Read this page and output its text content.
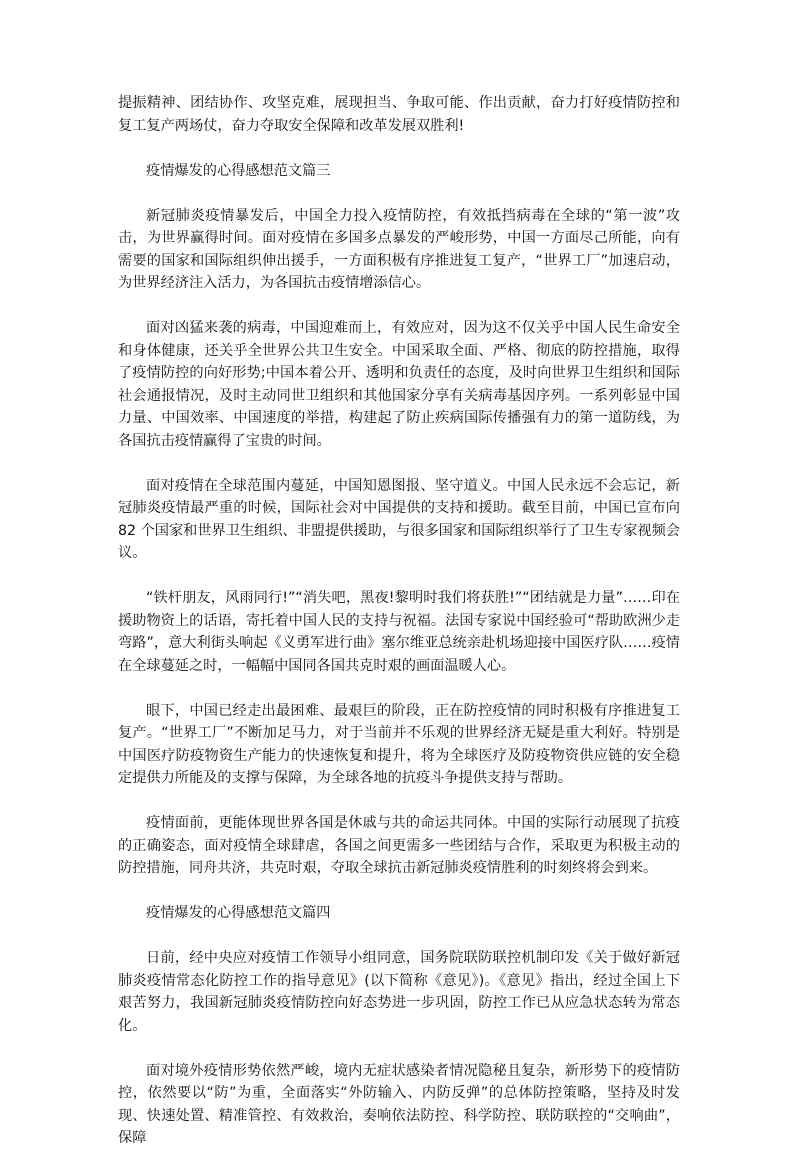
提振精神、团结协作、攻坚克难，展现担当、争取可能、作出贡献，奋力打好疫情防控和复工复产两场仗，奋力夺取安全保障和改革发展双胜利!

疫情爆发的心得感想范文篇三

新冠肺炎疫情暴发后，中国全力投入疫情防控，有效抵挡病毒在全球的“第一波”攻击，为世界赢得时间。面对疫情在多国多点暴发的严峻形势，中国一方面尽己所能，向有需要的国家和国际组织伸出援手，一方面积极有序推进复工复产，“世界工厂”加速启动，为世界经济注入活力，为各国抗击疫情增添信心。

面对凶猛来袭的病毒，中国迎难而上，有效应对，因为这不仅关乎中国人民生命安全和身体健康，还关乎全世界公共卫生安全。中国采取全面、严格、彻底的防控措施，取得了疫情防控的向好形势;中国本着公开、透明和负责任的态度，及时向世界卫生组织和国际社会通报情况，及时主动同世卫组织和其他国家分享有关病毒基因序列。一系列彰显中国力量、中国效率、中国速度的举措，构建起了防止疾病国际传播强有力的第一道防线，为各国抗击疫情赢得了宝贵的时间。

面对疫情在全球范围内蔓延，中国知恩图报、坚守道义。中国人民永远不会忘记，新冠肺炎疫情最严重的时候，国际社会对中国提供的支持和援助。截至目前，中国已宣布向 82 个国家和世界卫生组织、非盟提供援助，与很多国家和国际组织举行了卫生专家视频会议。

“铁杆朋友，风雨同行!”“消失吧，黑夜!黎明时我们将获胜!”“团结就是力量”……印在援助物资上的话语，寄托着中国人民的支持与祝福。法国专家说中国经验可“帮助欧洲少走弯路”，意大利街头响起《义勇军进行曲》塞尔维亚总统亲赴机场迎接中国医疗队……疫情在全球蔓延之时，一幅幅中国同各国共克时艰的画面温暖人心。

眼下，中国已经走出最困难、最艰巨的阶段，正在防控疫情的同时积极有序推进复工复产。“世界工厂”不断加足马力，对于当前并不乐观的世界经济无疑是重大利好。特别是中国医疗防疫物资生产能力的快速恢复和提升，将为全球医疗及防疫物资供应链的安全稳定提供力所能及的支撑与保障，为全球各地的抗疫斗争提供支持与帮助。

疫情面前，更能体现世界各国是休戚与共的命运共同体。中国的实际行动展现了抗疫的正确姿态，面对疫情全球肆虐，各国之间更需多一些团结与合作，采取更为积极主动的防控措施，同舟共济，共克时艰，夺取全球抗击新冠肺炎疫情胜利的时刻终将会到来。

疫情爆发的心得感想范文篇四

日前，经中央应对疫情工作领导小组同意，国务院联防联控机制印发《关于做好新冠肺炎疫情常态化防控工作的指导意见》(以下简称《意见》)。《意见》指出，经过全国上下艰苦努力，我国新冠肺炎疫情防控向好态势进一步巩固，防控工作已从应急状态转为常态化。

面对境外疫情形势依然严峻，境内无症状感染者情况隐秘且复杂，新形势下的疫情防控，依然要以“防”为重，全面落实“外防输入、内防反弹”的总体防控策略，坚持及时发现、快速处置、精准管控、有效救治，奏响依法防控、科学防控、联防联控的“交响曲”，保障
